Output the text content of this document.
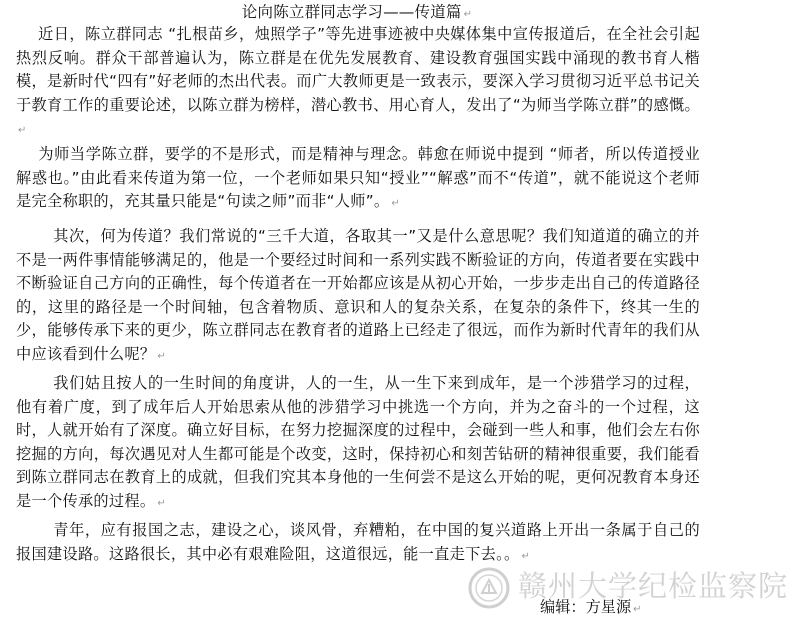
论向陈立群同志学习——传道篇 ↵

近日，陈立群同志 “扎根苗乡，烛照学子”等先进事迹被中央媒体集中宣传报道后，在全社会引起热烈反响。群众干部普遍认为，陈立群是在优先发展教育、建设教育强国实践中涌现的教书育人楷模，是新时代“四有”好老师的杰出代表。而广大教师更是一致表示，要深入学习贯彻习近平总书记关于教育工作的重要论述，以陈立群为榜样，潜心教书、用心育人，发出了“为师当学陈立群”的感慨。↵

为师当学陈立群，要学的不是形式，而是精神与理念。韩愈在师说中提到 “师者，所以传道授业解惑也。”由此看来传道为第一位，一个老师如果只知“授业”“解惑”而不“传道”，就不能说这个老师是完全称职的，充其量只能是“句读之师”而非“人师”。 ↵

其次，何为传道？我们常说的“三千大道，各取其一”又是什么意思呢？我们知道道的确立的并不是一两件事情能够满足的，他是一个要经过时间和一系列实践不断验证的方向，传道者要在实践中不断验证自己方向的正确性，每个传道者在一开始都应该是从初心开始，一步步走出自己的传道路径的，这里的路径是一个时间轴，包含着物质、意识和人的复杂关系，在复杂的条件下，终其一生的少，能够传承下来的更少，陈立群同志在教育者的道路上已经走了很远，而作为新时代青年的我们从中应该看到什么呢？ ↵

我们姑且按人的一生时间的角度讲，人的一生，从一生下来到成年，是一个涉猎学习的过程，他有着广度，到了成年后人开始思索从他的涉猎学习中挑选一个方向，并为之奋斗的一个过程，这时，人就开始有了深度。确立好目标，在努力挖掘深度的过程中，会碰到一些人和事，他们会左右你挖掘的方向，每次遇见对人生都可能是个改变，这时，保持初心和刻苦钻研的精神很重要，我们能看到陈立群同志在教育上的成就，但我们究其本身他的一生何尝不是这么开始的呢，更何况教育本身还是一个传承的过程。 ↵

青年，应有报国之志，建设之心，谈风骨，弃糟粕，在中国的复兴道路上开出一条属于自己的报国建设路。这路很长，其中必有艰难险阻，这道很远，能一直走下去。。 ↵

赣州大学纪检监察院
编辑：方星源 ↵
